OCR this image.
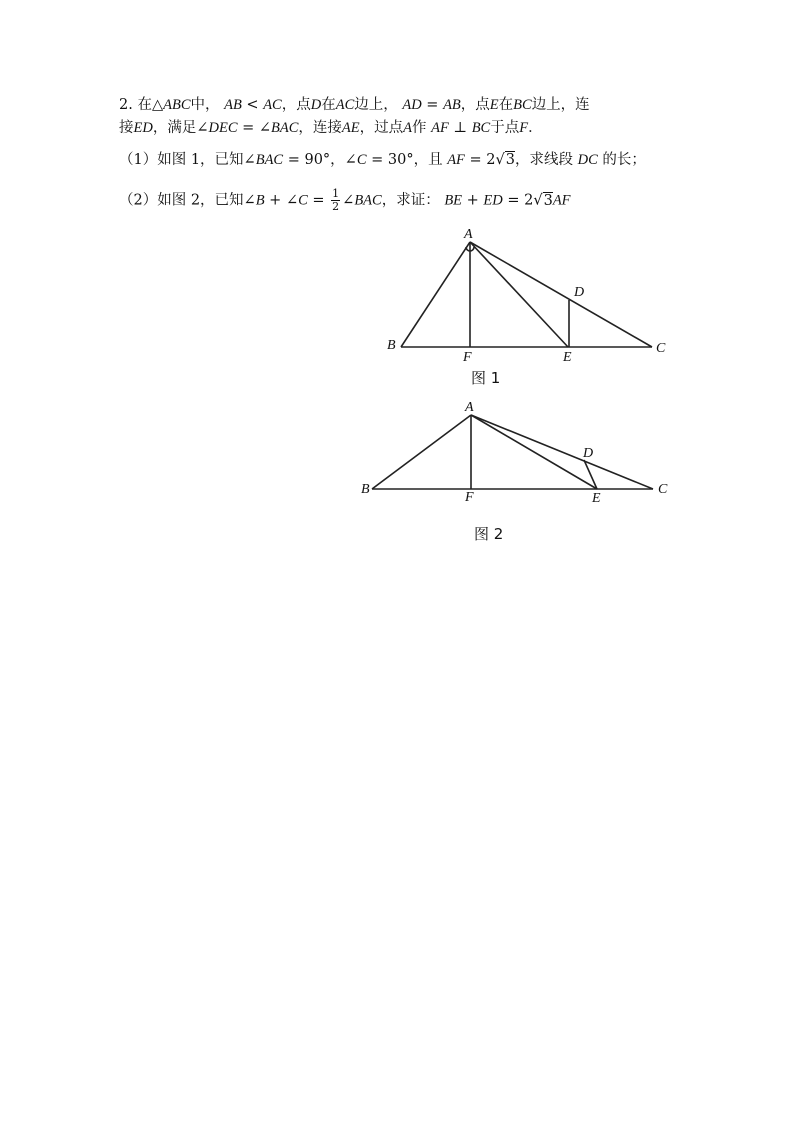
2. 在△ABC中， AB < AC，点D在AC边上， AD = AB，点E在BC边上，连
接ED，满足∠DEC = ∠BAC，连接AE，过点A作 AF ⊥ BC于点F．
（1）如图 1，已知∠BAC = 90°，∠C = 30°，且 AF = 2√3，求线段 DC 的长；
（2）如图 2，已知∠B + ∠C = $\frac{1}{2}$ ∠BAC，求证： BE + ED = 2√3AF
A
B	C
D
E
F
A
B	C
D
E
F
图 1
图 2
